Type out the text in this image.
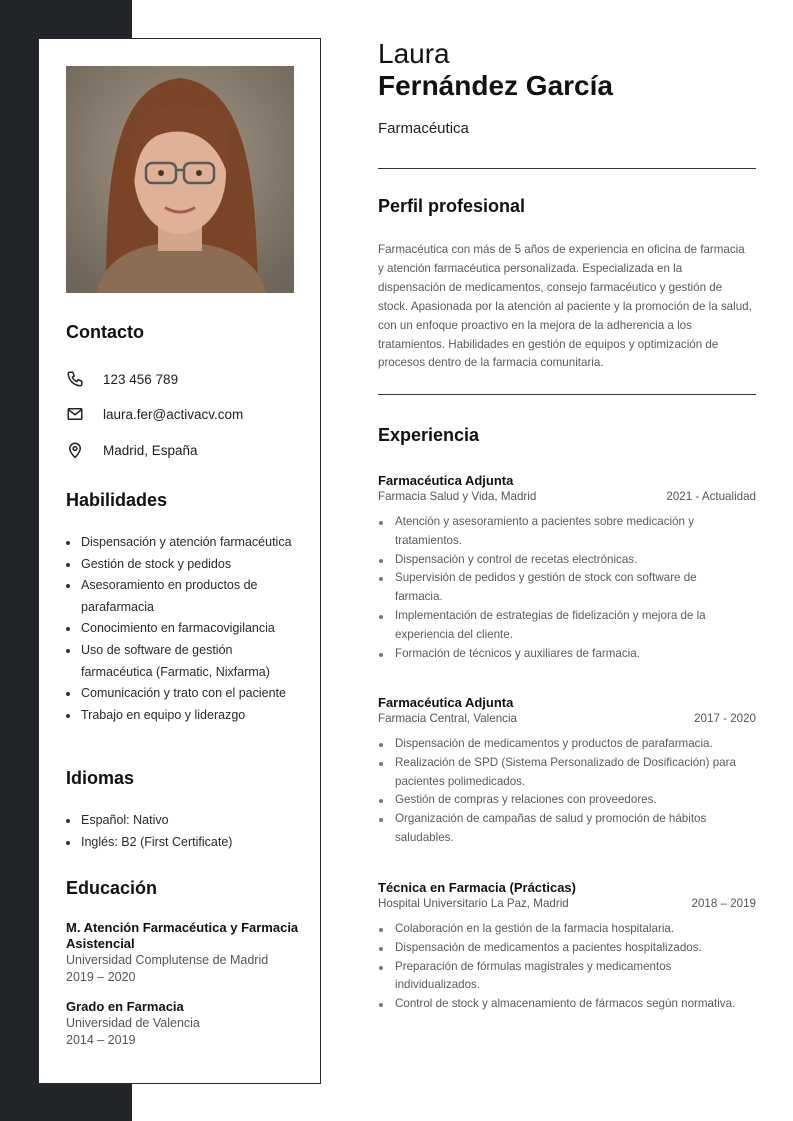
Contacto
123 456 789
laura.fer@activacv.com
Madrid, España
Habilidades
Dispensación y atención farmacéutica
Gestión de stock y pedidos
Asesoramiento en productos de parafarmacia
Conocimiento en farmacovigilancia
Uso de software de gestión farmacéutica (Farmatic, Nixfarma)
Comunicación y trato con el paciente
Trabajo en equipo y liderazgo
Idiomas
Español: Nativo
Inglés: B2 (First Certificate)
Educación
M. Atención Farmacéutica y Farmacia Asistencial
Universidad Complutense de Madrid
2019 – 2020
Grado en Farmacia
Universidad de Valencia
2014 – 2019
Laura
Fernández García
Farmacéutica
Perfil profesional
Farmacéutica con más de 5 años de experiencia en oficina de farmacia y atención farmacéutica personalizada. Especializada en la dispensación de medicamentos, consejo farmacéutico y gestión de stock. Apasionada por la atención al paciente y la promoción de la salud, con un enfoque proactivo en la mejora de la adherencia a los tratamientos. Habilidades en gestión de equipos y optimización de procesos dentro de la farmacia comunitaria.
Experiencia
Farmacéutica Adjunta
Farmacia Salud y Vida, Madrid	2021 - Actualidad
Atención y asesoramiento a pacientes sobre medicación y tratamientos.
Dispensación y control de recetas electrónicas.
Supervisión de pedidos y gestión de stock con software de farmacia.
Implementación de estrategias de fidelización y mejora de la experiencia del cliente.
Formación de técnicos y auxiliares de farmacia.
Farmacéutica Adjunta
Farmacia Central, Valencia	2017 - 2020
Dispensación de medicamentos y productos de parafarmacia.
Realización de SPD (Sistema Personalizado de Dosificación) para pacientes polimedicados.
Gestión de compras y relaciones con proveedores.
Organización de campañas de salud y promoción de hábitos saludables.
Técnica en Farmacia (Prácticas)
Hospital Universitario La Paz, Madrid	2018 – 2019
Colaboración en la gestión de la farmacia hospitalaria.
Dispensación de medicamentos a pacientes hospitalizados.
Preparación de fórmulas magistrales y medicamentos individualizados.
Control de stock y almacenamiento de fármacos según normativa.
